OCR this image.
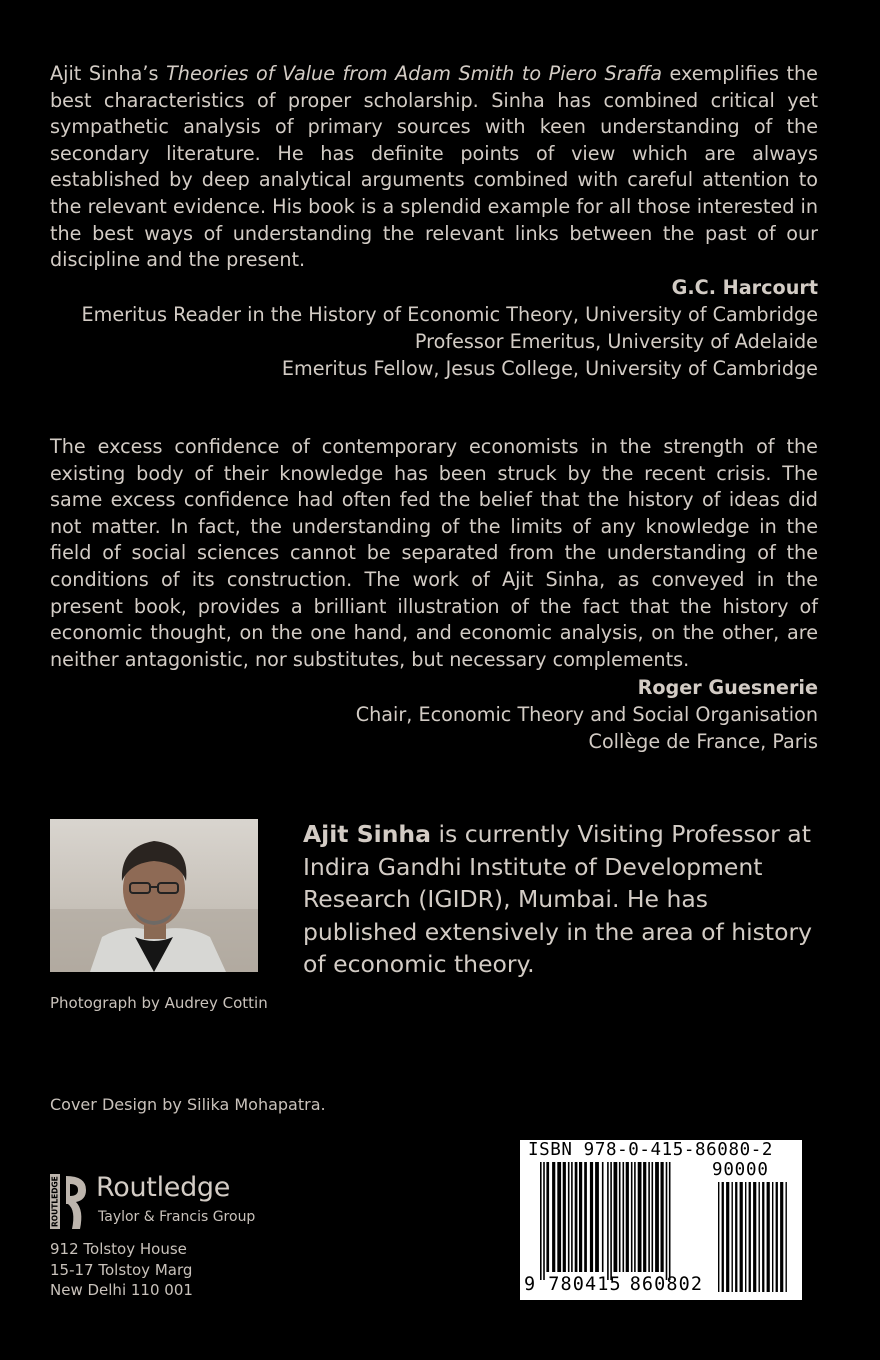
Ajit Sinha’s Theories of Value from Adam Smith to Piero Sraffa exemplifies the best characteristics of proper scholarship. Sinha has combined critical yet sympathetic analysis of primary sources with keen understanding of the secondary literature. He has definite points of view which are always established by deep analytical arguments combined with careful attention to the relevant evidence. His book is a splendid example for all those interested in the best ways of understanding the relevant links between the past of our discipline and the present.
G.C. Harcourt
Emeritus Reader in the History of Economic Theory, University of Cambridge
Professor Emeritus, University of Adelaide
Emeritus Fellow, Jesus College, University of Cambridge
The excess confidence of contemporary economists in the strength of the existing body of their knowledge has been struck by the recent crisis. The same excess confidence had often fed the belief that the history of ideas did not matter. In fact, the understanding of the limits of any knowledge in the field of social sciences cannot be separated from the understanding of the conditions of its construction. The work of Ajit Sinha, as conveyed in the present book, provides a brilliant illustration of the fact that the history of economic thought, on the one hand, and economic analysis, on the other, are neither antagonistic, nor substitutes, but necessary complements.
Roger Guesnerie
Chair, Economic Theory and Social Organisation
Collège de France, Paris
Photograph by Audrey Cottin
Ajit Sinha is currently Visiting Professor at Indira Gandhi Institute of Development Research (IGIDR), Mumbai. He has published extensively in the area of history of economic theory.
Cover Design by Silika Mohapatra.
ROUTLEDGE Routledge
Taylor & Francis Group
912 Tolstoy House
15-17 Tolstoy Marg
New Delhi 110 001
ISBN 978-0-415-86080-2
90000
9 780415 860802
